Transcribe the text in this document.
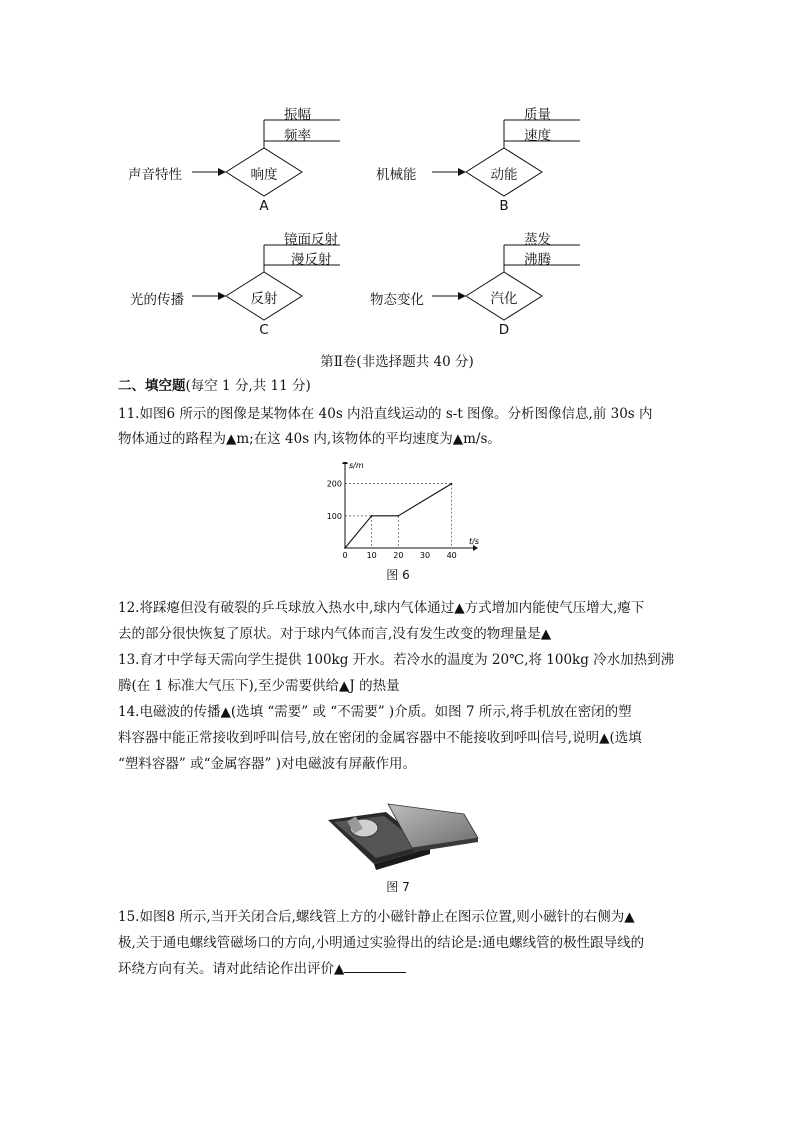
声音特性	响度
振幅
频率
A
机械能	动能
质量
速度
B
光的传播	反射
镜面反射
漫反射
C
物态变化	汽化
蒸发
沸腾
D
第Ⅱ卷(非选择题共 40 分)
二、填空题(每空 1 分,共 11 分)
11.如图6 所示的图像是某物体在 40s 内沿直线运动的 s-t 图像。分析图像信息,前 30s 内
物体通过的路程为▲m;在这 40s 内,该物体的平均速度为▲m/s。
s/m
t/s
0 10 20 30 40
100
200
图 6
12.将踩瘪但没有破裂的乒乓球放入热水中,球内气体通过▲方式增加内能使气压增大,瘪下
去的部分很快恢复了原状。对于球内气体而言,没有发生改变的物理量是▲
13.育才中学每天需向学生提供 100kg 开水。若冷水的温度为 20℃,将 100kg 冷水加热到沸
腾(在 1 标准大气压下),至少需要供给▲J 的热量
14.电磁波的传播▲(选填 “需要” 或 “不需要” )介质。如图 7 所示,将手机放在密闭的塑
料容器中能正常接收到呼叫信号,放在密闭的金属容器中不能接收到呼叫信号,说明▲(选填
“塑料容器” 或“金属容器” )对电磁波有屏蔽作用。
图 7
15.如图8 所示,当开关闭合后,螺线管上方的小磁针静止在图示位置,则小磁针的右侧为▲
极,关于通电螺线管磁场口的方向,小明通过实验得出的结论是:通电螺线管的极性跟导线的
环绕方向有关。请对此结论作出评价▲
